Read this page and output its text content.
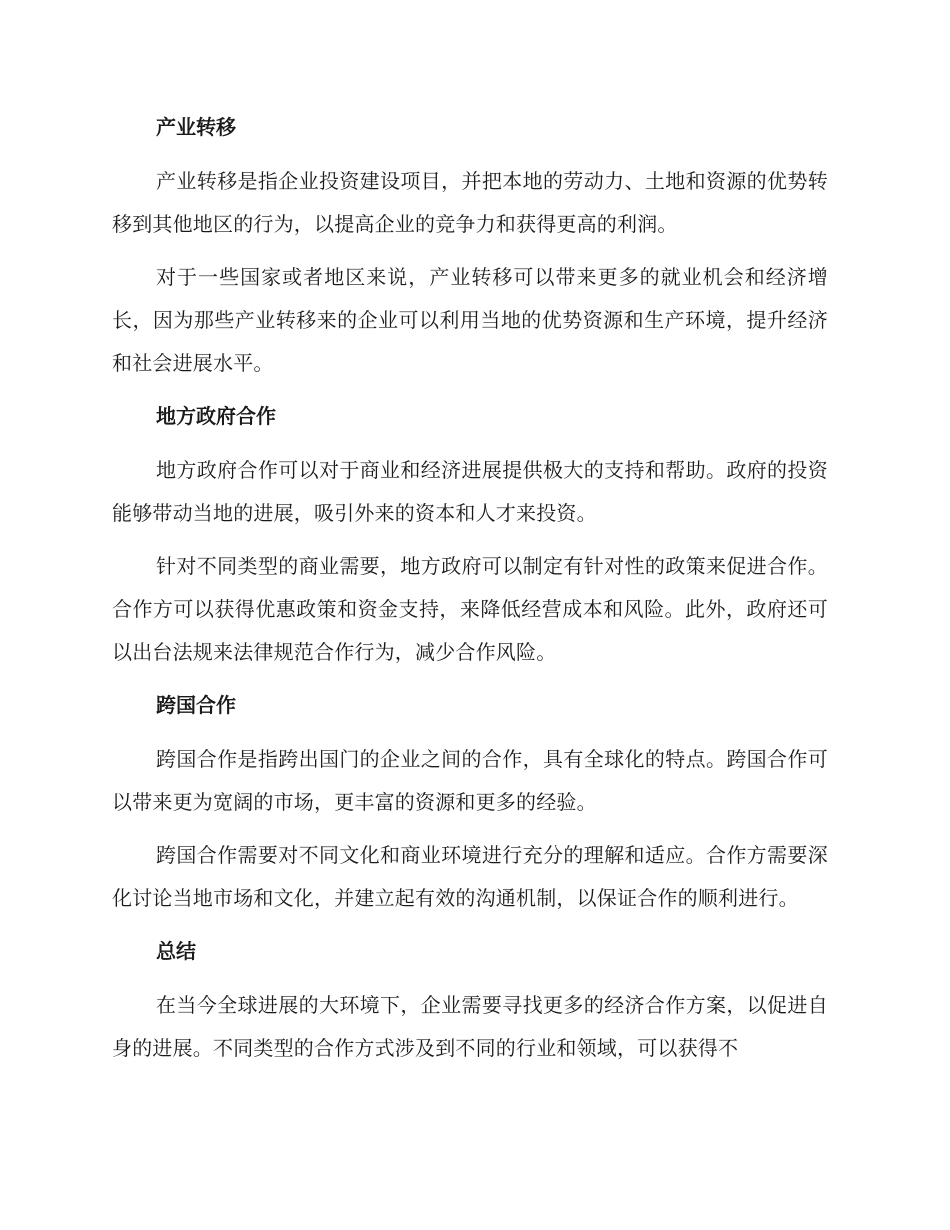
产业转移

产业转移是指企业投资建设项目，并把本地的劳动力、土地和资源的优势转移到其他地区的行为，以提高企业的竞争力和获得更高的利润。

对于一些国家或者地区来说，产业转移可以带来更多的就业机会和经济增长，因为那些产业转移来的企业可以利用当地的优势资源和生产环境，提升经济和社会进展水平。

地方政府合作

地方政府合作可以对于商业和经济进展提供极大的支持和帮助。政府的投资能够带动当地的进展，吸引外来的资本和人才来投资。

针对不同类型的商业需要，地方政府可以制定有针对性的政策来促进合作。合作方可以获得优惠政策和资金支持，来降低经营成本和风险。此外，政府还可以出台法规来法律规范合作行为，减少合作风险。

跨国合作

跨国合作是指跨出国门的企业之间的合作，具有全球化的特点。跨国合作可以带来更为宽阔的市场，更丰富的资源和更多的经验。

跨国合作需要对不同文化和商业环境进行充分的理解和适应。合作方需要深化讨论当地市场和文化，并建立起有效的沟通机制，以保证合作的顺利进行。

总结

在当今全球进展的大环境下，企业需要寻找更多的经济合作方案，以促进自身的进展。不同类型的合作方式涉及到不同的行业和领域，可以获得不
